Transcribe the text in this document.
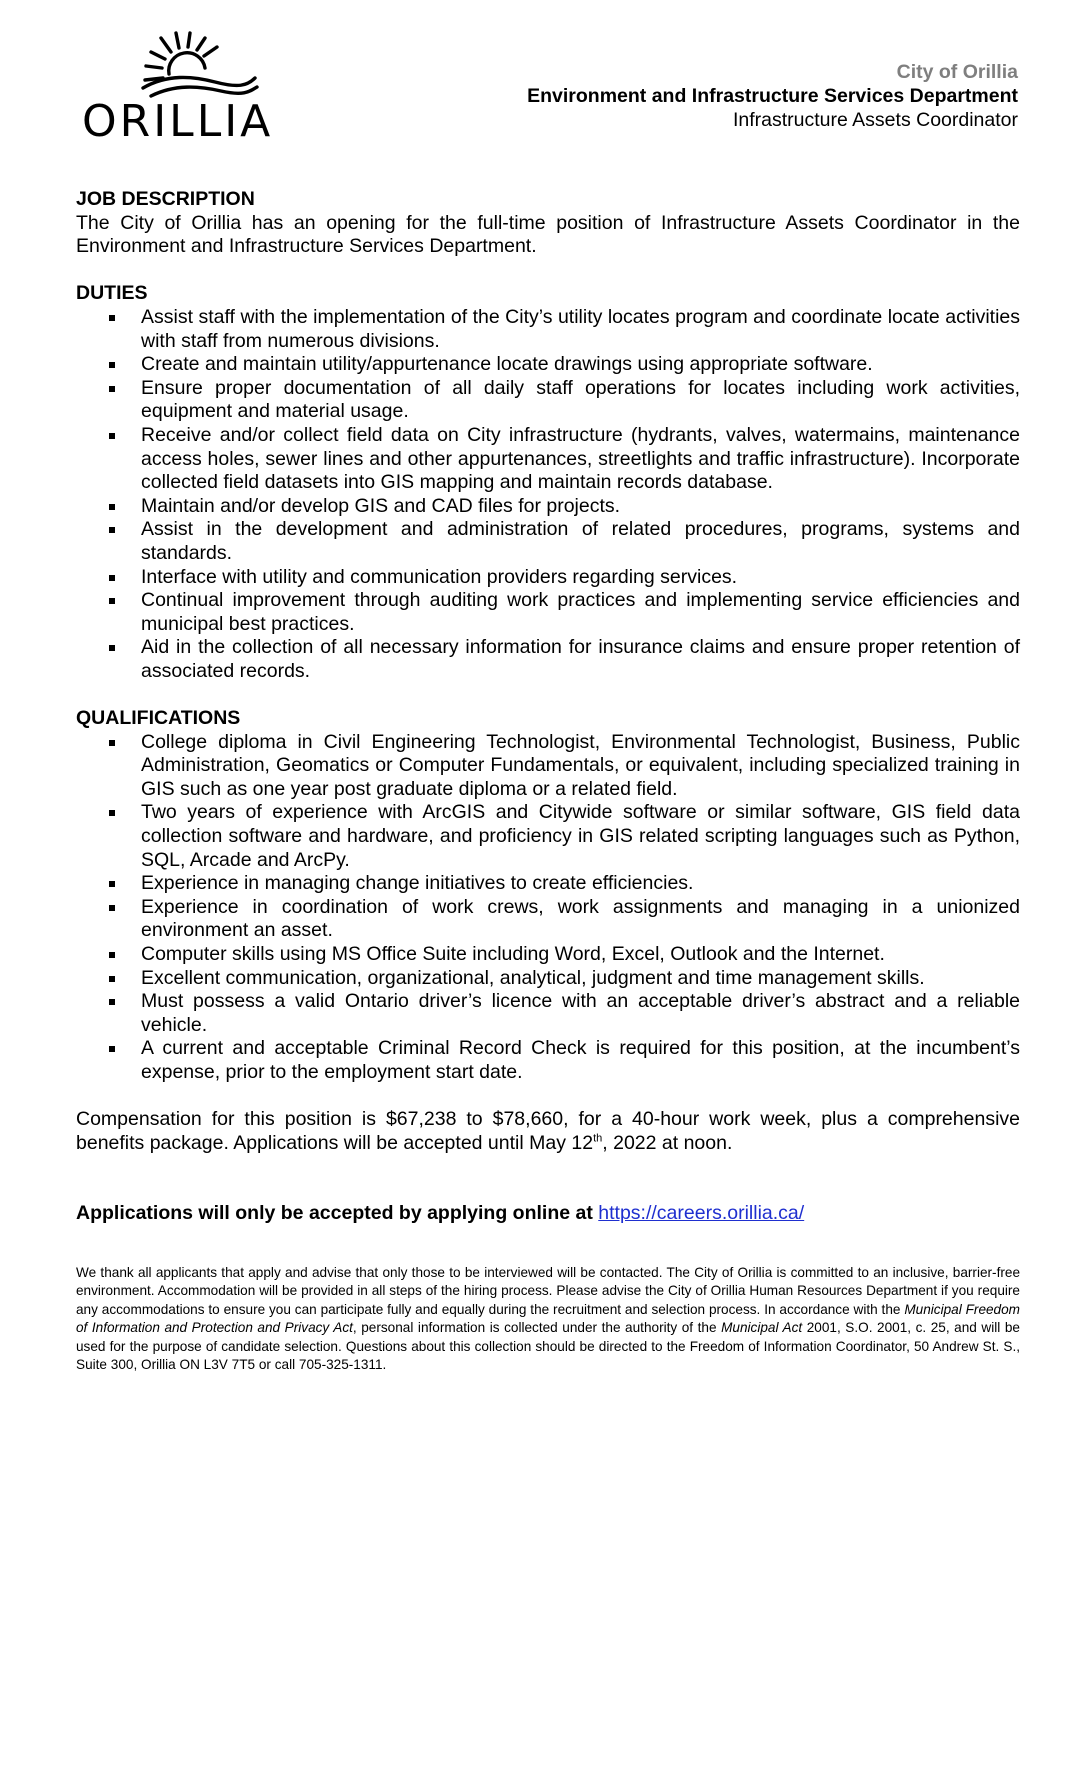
ORILLIA
City of Orillia
Environment and Infrastructure Services Department
Infrastructure Assets Coordinator
JOB DESCRIPTION

The City of Orillia has an opening for the full-time position of Infrastructure Assets Coordinator in the Environment and Infrastructure Services Department.

DUTIES
Assist staff with the implementation of the City’s utility locates program and coordinate locate activities with staff from numerous divisions.
Create and maintain utility/appurtenance locate drawings using appropriate software.
Ensure proper documentation of all daily staff operations for locates including work activities, equipment and material usage.
Receive and/or collect field data on City infrastructure (hydrants, valves, watermains, maintenance access holes, sewer lines and other appurtenances, streetlights and traffic infrastructure). Incorporate collected field datasets into GIS mapping and maintain records database.
Maintain and/or develop GIS and CAD files for projects.
Assist in the development and administration of related procedures, programs, systems and standards.
Interface with utility and communication providers regarding services.
Continual improvement through auditing work practices and implementing service efficiencies and municipal best practices.
Aid in the collection of all necessary information for insurance claims and ensure proper retention of associated records.
QUALIFICATIONS
College diploma in Civil Engineering Technologist, Environmental Technologist, Business, Public Administration, Geomatics or Computer Fundamentals, or equivalent, including specialized training in GIS such as one year post graduate diploma or a related field.
Two years of experience with ArcGIS and Citywide software or similar software, GIS field data collection software and hardware, and proficiency in GIS related scripting languages such as Python, SQL, Arcade and ArcPy.
Experience in managing change initiatives to create efficiencies.
Experience in coordination of work crews, work assignments and managing in a unionized environment an asset.
Computer skills using MS Office Suite including Word, Excel, Outlook and the Internet.
Excellent communication, organizational, analytical, judgment and time management skills.
Must possess a valid Ontario driver’s licence with an acceptable driver’s abstract and a reliable vehicle.
A current and acceptable Criminal Record Check is required for this position, at the incumbent’s expense, prior to the employment start date.

Compensation for this position is $67,238 to $78,660, for a 40-hour work week, plus a comprehensive benefits package. Applications will be accepted until May 12th, 2022 at noon.

Applications will only be accepted by applying online at https://careers.orillia.ca/
We thank all applicants that apply and advise that only those to be interviewed will be contacted. The City of Orillia is committed to an inclusive, barrier-free environment. Accommodation will be provided in all steps of the hiring process. Please advise the City of Orillia Human Resources Department if you require any accommodations to ensure you can participate fully and equally during the recruitment and selection process. In accordance with the Municipal Freedom of Information and Protection and Privacy Act, personal information is collected under the authority of the Municipal Act 2001, S.O. 2001, c. 25, and will be used for the purpose of candidate selection. Questions about this collection should be directed to the Freedom of Information Coordinator, 50 Andrew St. S., Suite 300, Orillia ON L3V 7T5 or call 705-325-1311.
